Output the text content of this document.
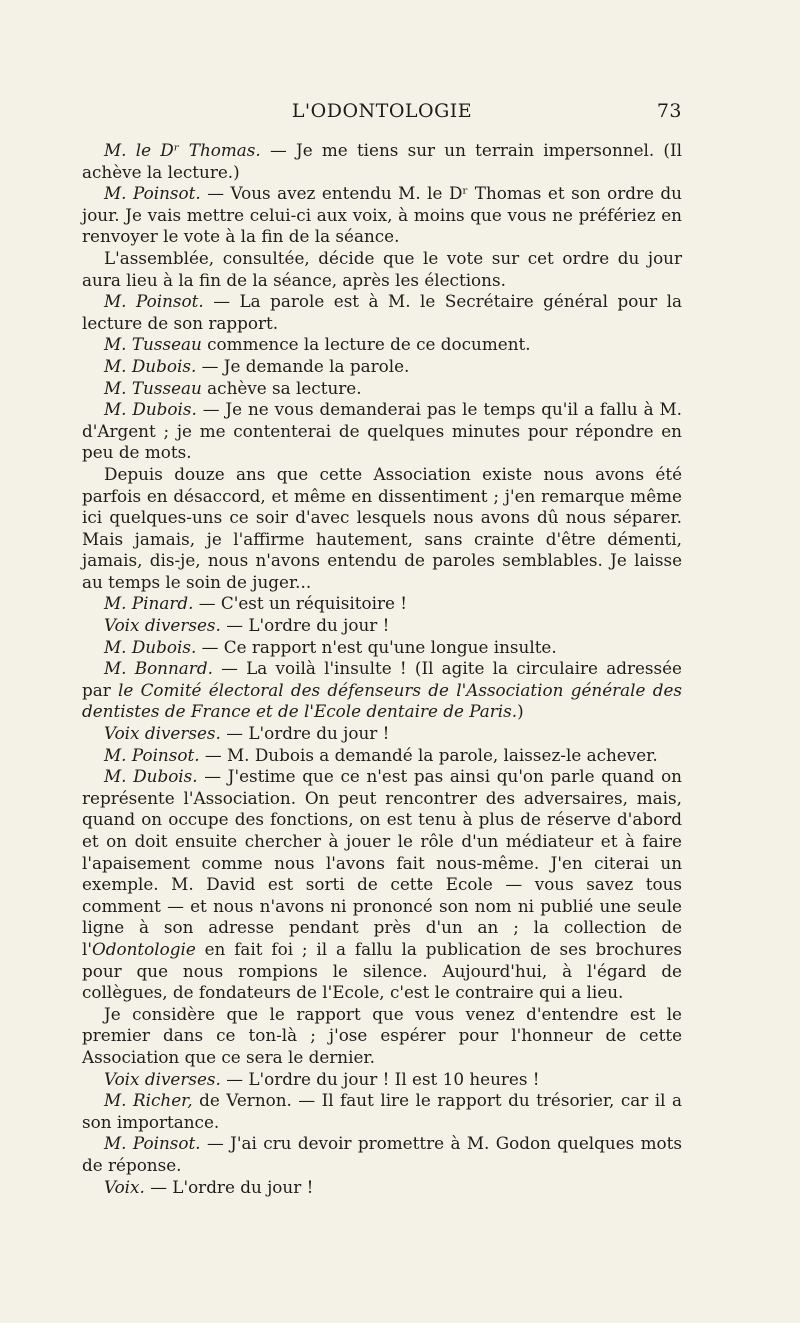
L'ODONTOLOGIE	73

M. le Dʳ Thomas. — Je me tiens sur un terrain impersonnel. (Il achève la lecture.)

M. Poinsot. — Vous avez entendu M. le Dʳ Thomas et son ordre du jour. Je vais mettre celui-ci aux voix, à moins que vous ne préfériez en renvoyer le vote à la fin de la séance.

L'assemblée, consultée, décide que le vote sur cet ordre du jour aura lieu à la fin de la séance, après les élections.

M. Poinsot. — La parole est à M. le Secrétaire général pour la lecture de son rapport.

M. Tusseau commence la lecture de ce document.

M. Dubois. — Je demande la parole.

M. Tusseau achève sa lecture.

M. Dubois. — Je ne vous demanderai pas le temps qu'il a fallu à M. d'Argent ; je me contenterai de quelques minutes pour répondre en peu de mots.

Depuis douze ans que cette Association existe nous avons été parfois en désaccord, et même en dissentiment ; j'en remarque même ici quelques-uns ce soir d'avec lesquels nous avons dû nous séparer. Mais jamais, je l'affirme hautement, sans crainte d'être démenti, jamais, dis-je, nous n'avons entendu de paroles semblables. Je laisse au temps le soin de juger...

M. Pinard. — C'est un réquisitoire !

Voix diverses. — L'ordre du jour !

M. Dubois. — Ce rapport n'est qu'une longue insulte.

M. Bonnard. — La voilà l'insulte ! (Il agite la circulaire adressée par le Comité électoral des défenseurs de l'Association générale des dentistes de France et de l'Ecole dentaire de Paris.)

Voix diverses. — L'ordre du jour !

M. Poinsot. — M. Dubois a demandé la parole, laissez-le achever.

M. Dubois. — J'estime que ce n'est pas ainsi qu'on parle quand on représente l'Association. On peut rencontrer des adversaires, mais, quand on occupe des fonctions, on est tenu à plus de réserve d'abord et on doit ensuite chercher à jouer le rôle d'un médiateur et à faire l'apaisement comme nous l'avons fait nous-même. J'en citerai un exemple. M. David est sorti de cette Ecole — vous savez tous comment — et nous n'avons ni prononcé son nom ni publié une seule ligne à son adresse pendant près d'un an ; la collection de l'Odontologie en fait foi ; il a fallu la publication de ses brochures pour que nous rompions le silence. Aujourd'hui, à l'égard de collègues, de fondateurs de l'Ecole, c'est le contraire qui a lieu.

Je considère que le rapport que vous venez d'entendre est le premier dans ce ton-là ; j'ose espérer pour l'honneur de cette Association que ce sera le dernier.

Voix diverses. — L'ordre du jour ! Il est 10 heures !

M. Richer, de Vernon. — Il faut lire le rapport du trésorier, car il a son importance.

M. Poinsot. — J'ai cru devoir promettre à M. Godon quelques mots de réponse.

Voix. — L'ordre du jour !
